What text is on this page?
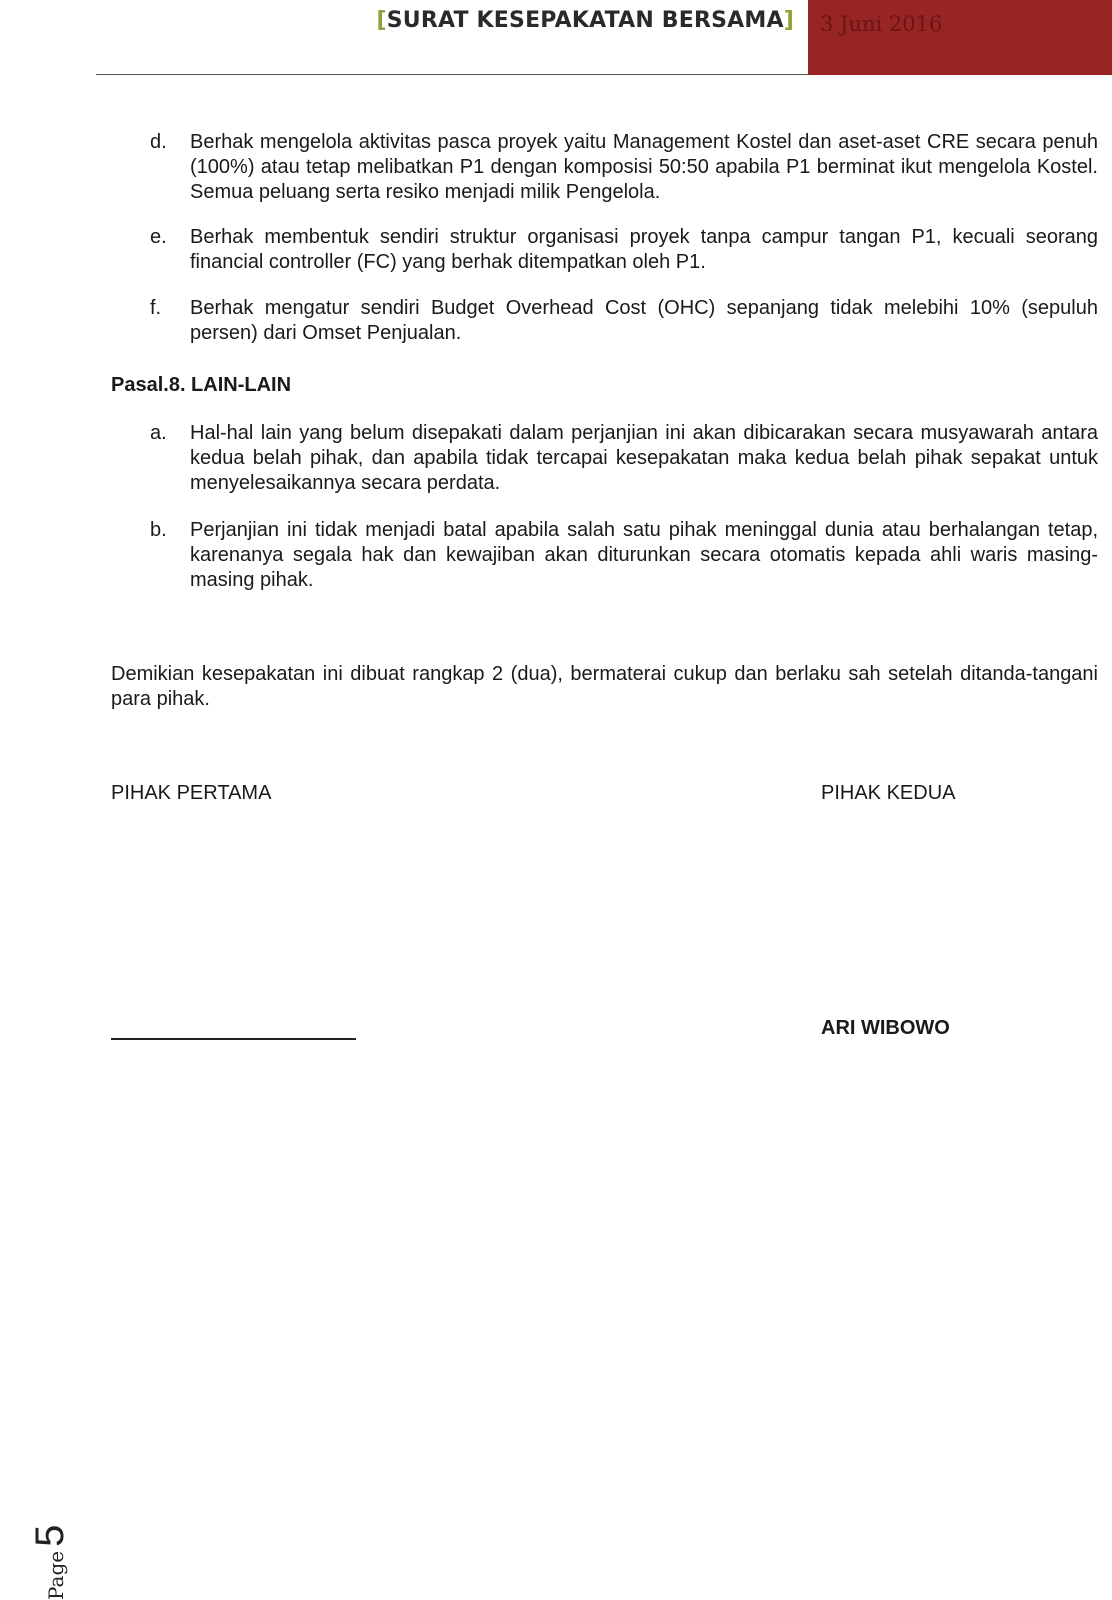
[SURAT KESEPAKATAN BERSAMA]	3 Juni 2016
d.	Berhak mengelola aktivitas pasca proyek yaitu Management Kostel dan aset-aset CRE secara penuh (100%) atau tetap melibatkan P1 dengan komposisi 50:50 apabila P1 berminat ikut mengelola Kostel. Semua peluang serta resiko menjadi milik Pengelola.

e.	Berhak membentuk sendiri struktur organisasi proyek tanpa campur tangan P1, kecuali seorang financial controller (FC) yang berhak ditempatkan oleh P1.

f.	Berhak mengatur sendiri Budget Overhead Cost (OHC) sepanjang tidak melebihi 10% (sepuluh persen) dari Omset Penjualan.

Pasal.8. LAIN-LAIN
a.	Hal-hal lain yang belum disepakati dalam perjanjian ini akan dibicarakan secara musyawarah antara kedua belah pihak, dan apabila tidak tercapai kesepakatan maka kedua belah pihak sepakat untuk menyelesaikannya secara perdata.

b.	Perjanjian ini tidak menjadi batal apabila salah satu pihak meninggal dunia atau berhalangan tetap, karenanya segala hak dan kewajiban akan diturunkan secara otomatis kepada ahli waris masing-masing pihak.

Demikian kesepakatan ini dibuat rangkap 2 (dua), bermaterai cukup dan berlaku sah setelah ditanda-tangani para pihak.

PIHAK PERTAMA	PIHAK KEDUA
ARI WIBOWO
Page5
